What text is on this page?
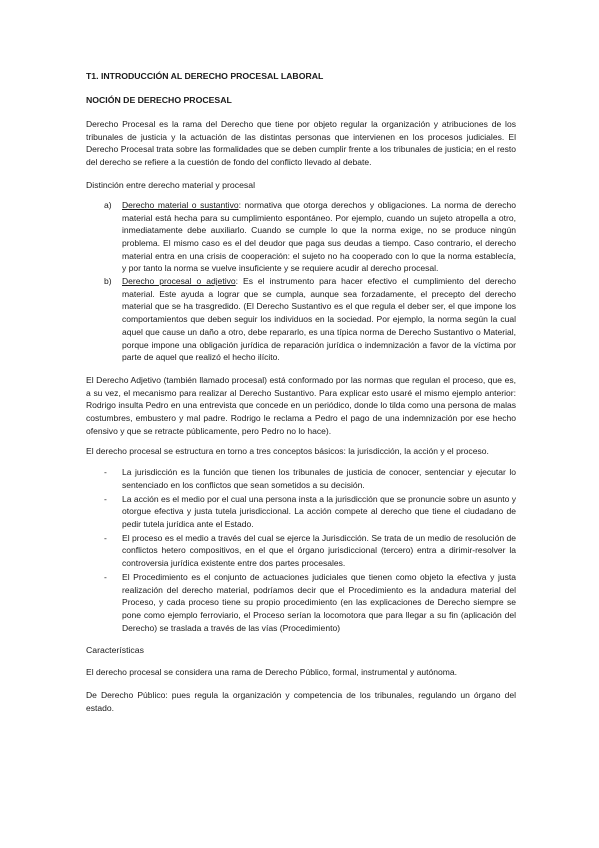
T1. INTRODUCCIÓN AL DERECHO PROCESAL LABORAL
NOCIÓN DE DERECHO PROCESAL

Derecho Procesal es la rama del Derecho que tiene por objeto regular la organización y atribuciones de los tribunales de justicia y la actuación de las distintas personas que intervienen en los procesos judiciales. El Derecho Procesal trata sobre las formalidades que se deben cumplir frente a los tribunales de justicia; en el resto del derecho se refiere a la cuestión de fondo del conflicto llevado al debate.

Distinción entre derecho material y procesal
a) Derecho material o sustantivo: normativa que otorga derechos y obligaciones. La norma de derecho material está hecha para su cumplimiento espontáneo. Por ejemplo, cuando un sujeto atropella a otro, inmediatamente debe auxiliarlo. Cuando se cumple lo que la norma exige, no se produce ningún problema. El mismo caso es el del deudor que paga sus deudas a tiempo. Caso contrario, el derecho material entra en una crisis de cooperación: el sujeto no ha cooperado con lo que la norma establecía, y por tanto la norma se vuelve insuficiente y se requiere acudir al derecho procesal.
b) Derecho procesal o adjetivo: Es el instrumento para hacer efectivo el cumplimiento del derecho material. Este ayuda a lograr que se cumpla, aunque sea forzadamente, el precepto del derecho material que se ha trasgredido. (El Derecho Sustantivo es el que regula el deber ser, el que impone los comportamientos que deben seguir los individuos en la sociedad. Por ejemplo, la norma según la cual aquel que cause un daño a otro, debe repararlo, es una típica norma de Derecho Sustantivo o Material, porque impone una obligación jurídica de reparación jurídica o indemnización a favor de la víctima por parte de aquel que realizó el hecho ilícito.

El Derecho Adjetivo (también llamado procesal) está conformado por las normas que regulan el proceso, que es, a su vez, el mecanismo para realizar al Derecho Sustantivo. Para explicar esto usaré el mismo ejemplo anterior: Rodrigo insulta Pedro en una entrevista que concede en un periódico, donde lo tilda como una persona de malas costumbres, embustero y mal padre. Rodrigo le reclama a Pedro el pago de una indemnización por ese hecho ofensivo y que se retracte públicamente, pero Pedro no lo hace).

El derecho procesal se estructura en torno a tres conceptos básicos: la jurisdicción, la acción y el proceso.

- La jurisdicción es la función que tienen los tribunales de justicia de conocer, sentenciar y ejecutar lo sentenciado en los conflictos que sean sometidos a su decisión.
- La acción es el medio por el cual una persona insta a la jurisdicción que se pronuncie sobre un asunto y otorgue efectiva y justa tutela jurisdiccional. La acción compete al derecho que tiene el ciudadano de pedir tutela jurídica ante el Estado.
- El proceso es el medio a través del cual se ejerce la Jurisdicción. Se trata de un medio de resolución de conflictos hetero compositivos, en el que el órgano jurisdiccional (tercero) entra a dirimir-resolver la controversia jurídica existente entre dos partes procesales.
- El Procedimiento es el conjunto de actuaciones judiciales que tienen como objeto la efectiva y justa realización del derecho material, podríamos decir que el Procedimiento es la andadura material del Proceso, y cada proceso tiene su propio procedimiento (en las explicaciones de Derecho siempre se pone como ejemplo ferroviario, el Proceso serían la locomotora que para llegar a su fin (aplicación del Derecho) se traslada a través de las vías (Procedimiento)
Características

El derecho procesal se considera una rama de Derecho Público, formal, instrumental y autónoma.

De Derecho Público: pues regula la organización y competencia de los tribunales, regulando un órgano del estado.
